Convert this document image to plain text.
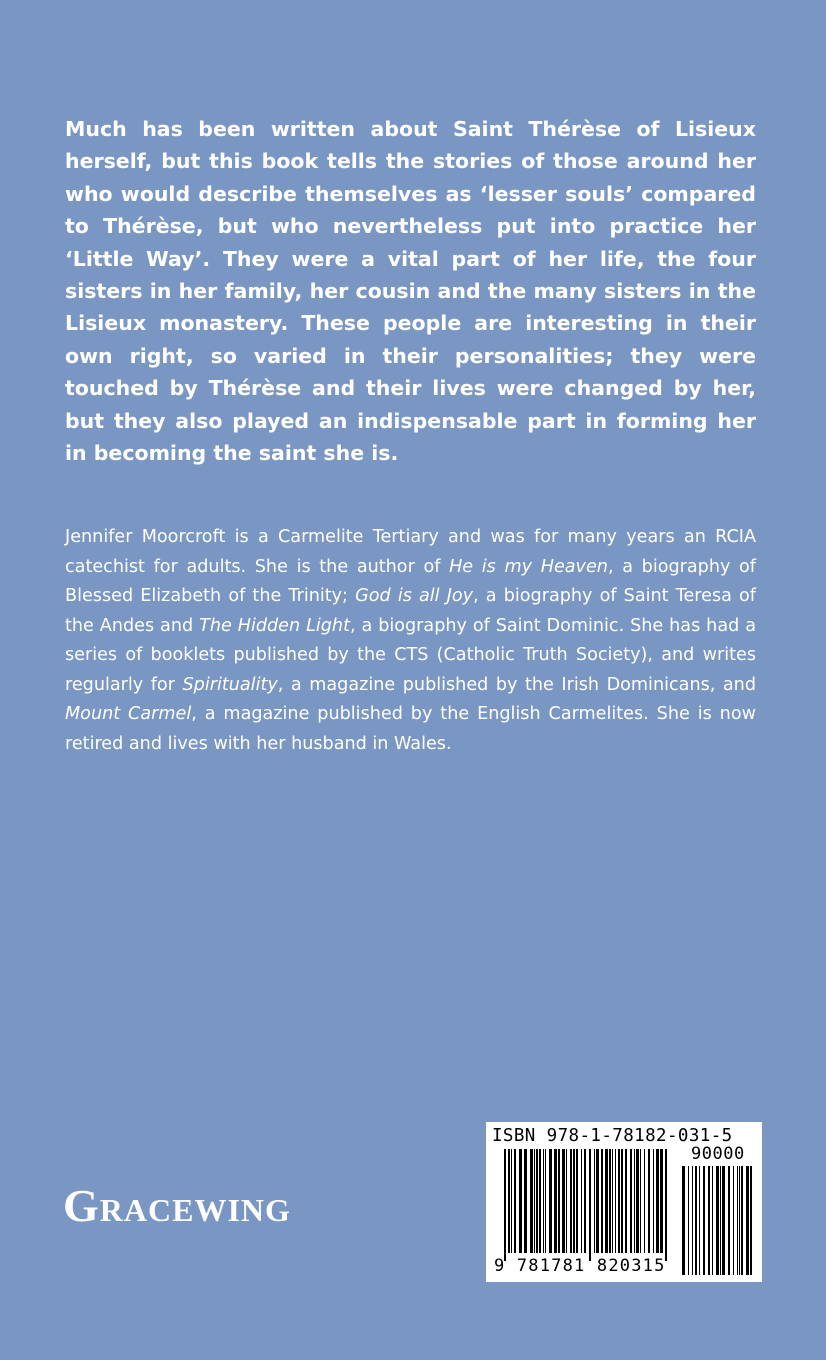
Much has been written about Saint Thérèse of Lisieux herself, but this book tells the stories of those around her who would describe themselves as ‘lesser souls’ compared to Thérèse, but who nevertheless put into practice her ‘Little Way’. They were a vital part of her life, the four sisters in her family, her cousin and the many sisters in the Lisieux monastery. These people are interesting in their own right, so varied in their personalities; they were touched by Thérèse and their lives were changed by her, but they also played an indispensable part in forming her in becoming the saint she is.

Jennifer Moorcroft is a Carmelite Tertiary and was for many years an RCIA catechist for adults. She is the author of He is my Heaven, a biography of Blessed Elizabeth of the Trinity; God is all Joy, a biography of Saint Teresa of the Andes and The Hidden Light, a biography of Saint Dominic. She has had a series of booklets published by the CTS (Catholic Truth Society), and writes regularly for Spirituality, a magazine published by the Irish Dominicans, and Mount Carmel, a magazine published by the English Carmelites. She is now retired and lives with her husband in Wales.

Gracewing
ISBN 978-1-78182-031-5
90000
9 781781 820315
